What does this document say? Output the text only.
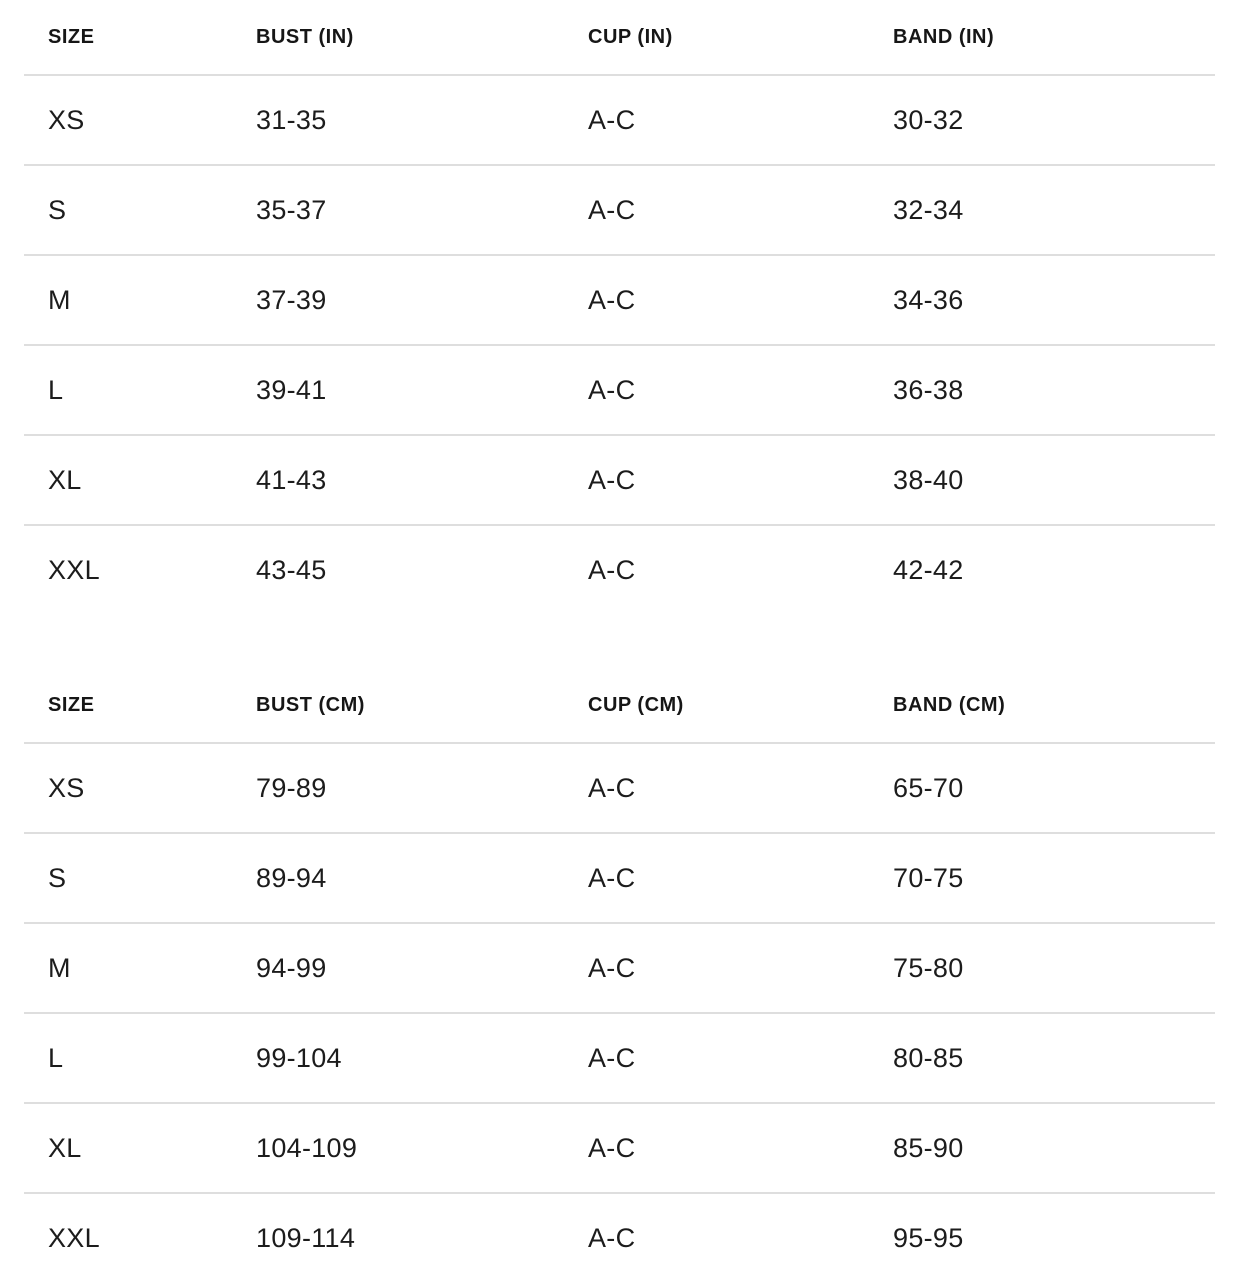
SIZE	BUST (IN)	CUP (IN)	BAND (IN)
XS	31-35	A-C	30-32
S	35-37	A-C	32-34
M	37-39	A-C	34-36
L	39-41	A-C	36-38
XL	41-43	A-C	38-40
XXL	43-45	A-C	42-42
SIZE	BUST (CM)	CUP (CM)	BAND (CM)
XS	79-89	A-C	65-70
S	89-94	A-C	70-75
M	94-99	A-C	75-80
L	99-104	A-C	80-85
XL	104-109	A-C	85-90
XXL	109-114	A-C	95-95
